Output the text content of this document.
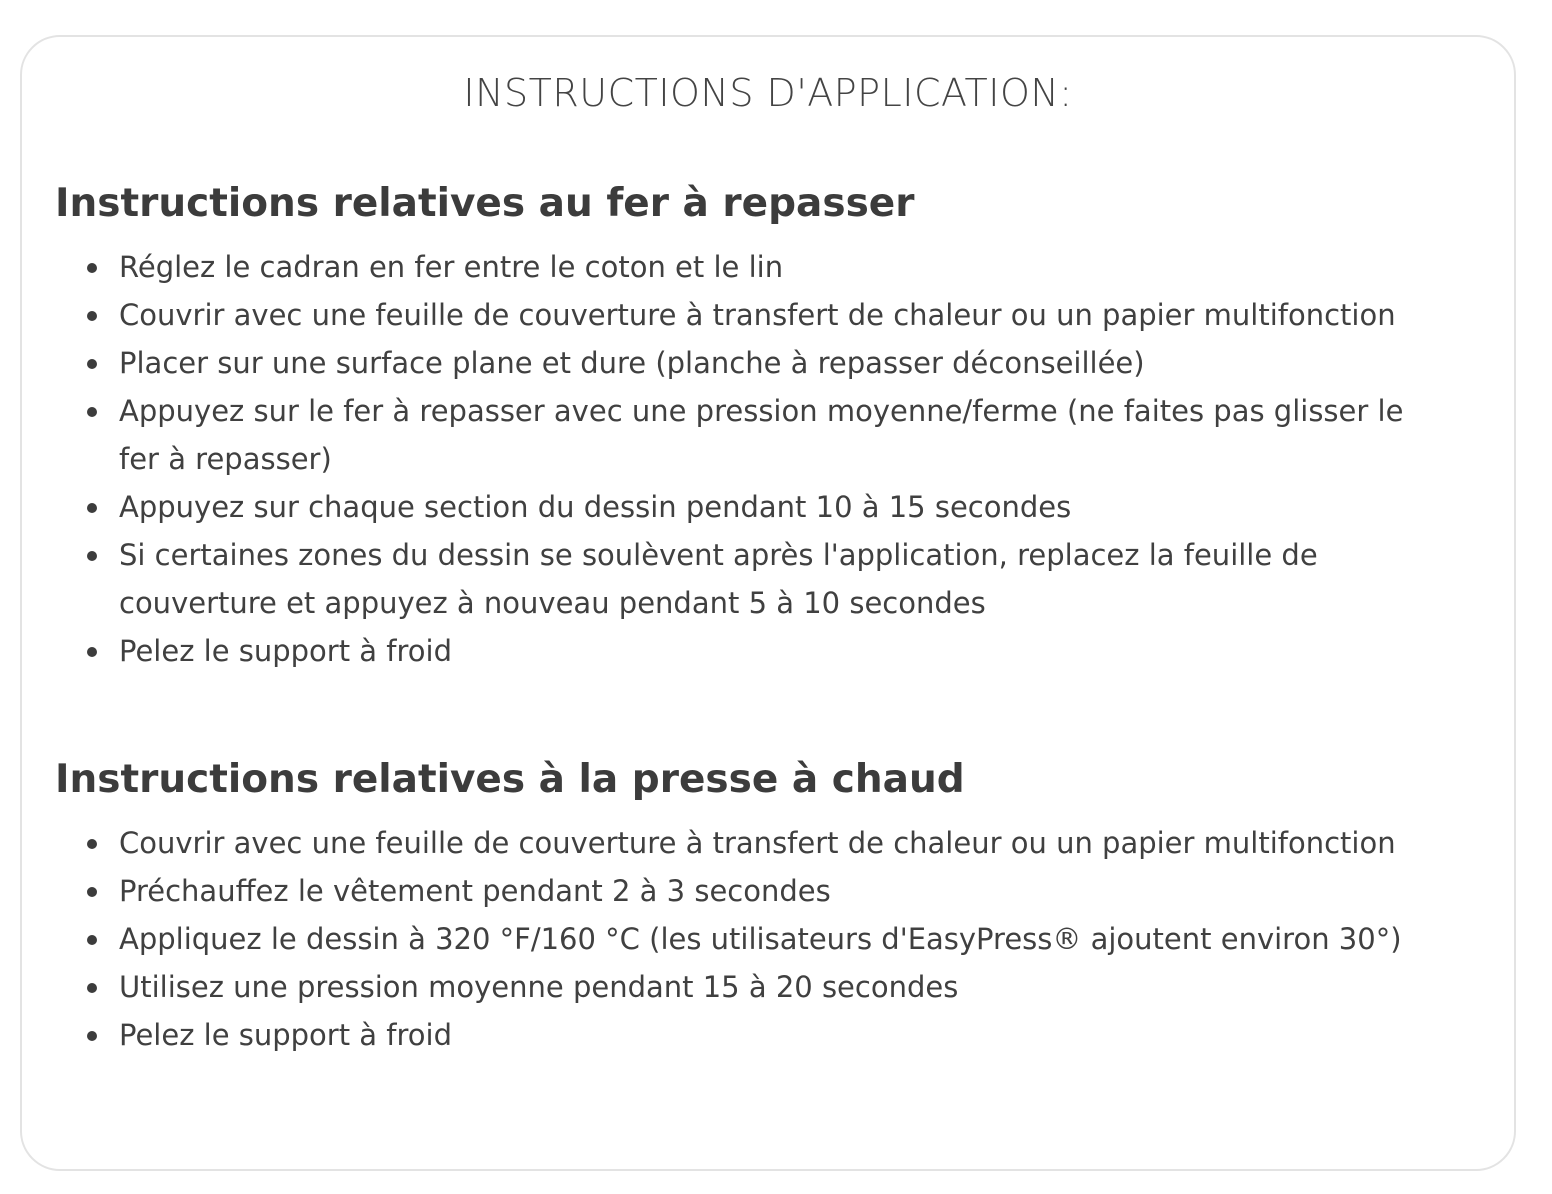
INSTRUCTIONS D'APPLICATION:
Instructions relatives au fer à repasser
Réglez le cadran en fer entre le coton et le lin
Couvrir avec une feuille de couverture à transfert de chaleur ou un papier multifonction
Placer sur une surface plane et dure (planche à repasser déconseillée)
Appuyez sur le fer à repasser avec une pression moyenne/ferme (ne faites pas glisser le fer à repasser)
Appuyez sur chaque section du dessin pendant 10 à 15 secondes
Si certaines zones du dessin se soulèvent après l'application, replacez la feuille de couverture et appuyez à nouveau pendant 5 à 10 secondes
Pelez le support à froid
Instructions relatives à la presse à chaud
Couvrir avec une feuille de couverture à transfert de chaleur ou un papier multifonction
Préchauffez le vêtement pendant 2 à 3 secondes
Appliquez le dessin à 320 °F/160 °C (les utilisateurs d'EasyPress® ajoutent environ 30°)
Utilisez une pression moyenne pendant 15 à 20 secondes
Pelez le support à froid
